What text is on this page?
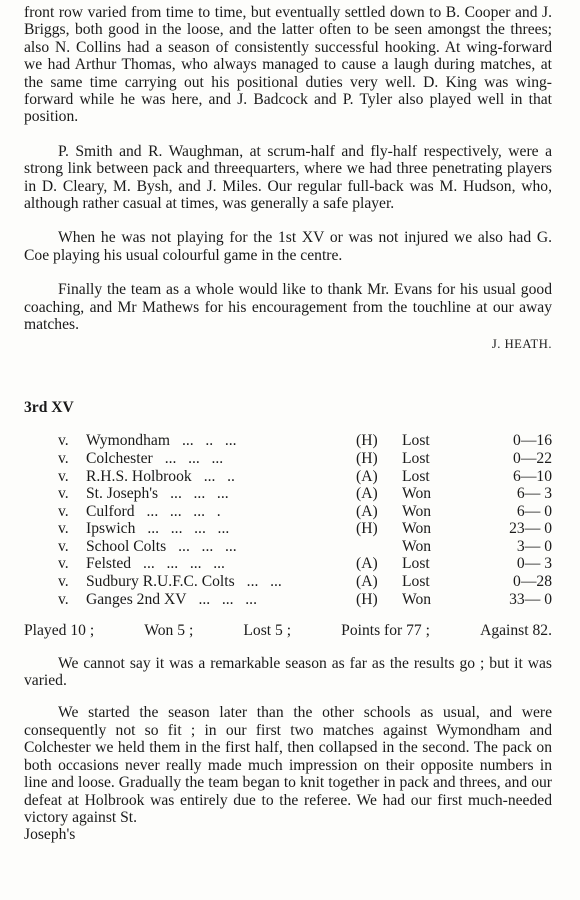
front row varied from time to time, but eventually settled down to B. Cooper and J. Briggs, both good in the loose, and the latter often to be seen amongst the threes; also N. Collins had a season of consistently successful hooking. At wing-forward we had Arthur Thomas, who always managed to cause a laugh during matches, at the same time carrying out his positional duties very well. D. King was wing-forward while he was here, and J. Badcock and P. Tyler also played well in that position.

P. Smith and R. Waughman, at scrum-half and fly-half respectively, were a strong link between pack and threequarters, where we had three penetrating players in D. Cleary, M. Bysh, and J. Miles. Our regular full-back was M. Hudson, who, although rather casual at times, was generally a safe player.

When he was not playing for the 1st XV or was not injured we also had G. Coe playing his usual colourful game in the centre.

Finally the team as a whole would like to thank Mr. Evans for his usual good coaching, and Mr Mathews for his encouragement from the touchline at our away matches.

J. HEATH.

3rd XV
v.	Wymondham ...   ..   ...	(H)	Lost	0—16
v.	Colchester ...   ...   ...	(H)	Lost	0—22
v.	R.H.S. Holbrook ...   ..	(A)	Lost	6—10
v.	St. Joseph's ...   ...   ...	(A)	Won	6— 3
v.	Culford ...   ...   ...   .	(A)	Won	6— 0
v.	Ipswich ...   ...   ...   ...	(H)	Won	23— 0
v.	School Colts ...   ...   ...		Won	3— 0
v.	Felsted ...   ...   ...   ...	(A)	Lost	0— 3
v.	Sudbury R.U.F.C. Colts ...   ...	(A)	Lost	0—28
v.	Ganges 2nd XV ...   ...   ...	(H)	Won	33— 0
Played 10 ;	Won 5 ;	Lost 5 ;	Points for 77 ;	Against 82.

We cannot say it was a remarkable season as far as the results go ; but it was varied.

We started the season later than the other schools as usual, and were consequently not so fit ; in our first two matches against Wymondham and Colchester we held them in the first half, then collapsed in the second. The pack on both occasions never really made much impression on their opposite numbers in line and loose. Gradually the team began to knit together in pack and threes, and our defeat at Holbrook was entirely due to the referee. We had our first much-needed victory against St.

Joseph's
